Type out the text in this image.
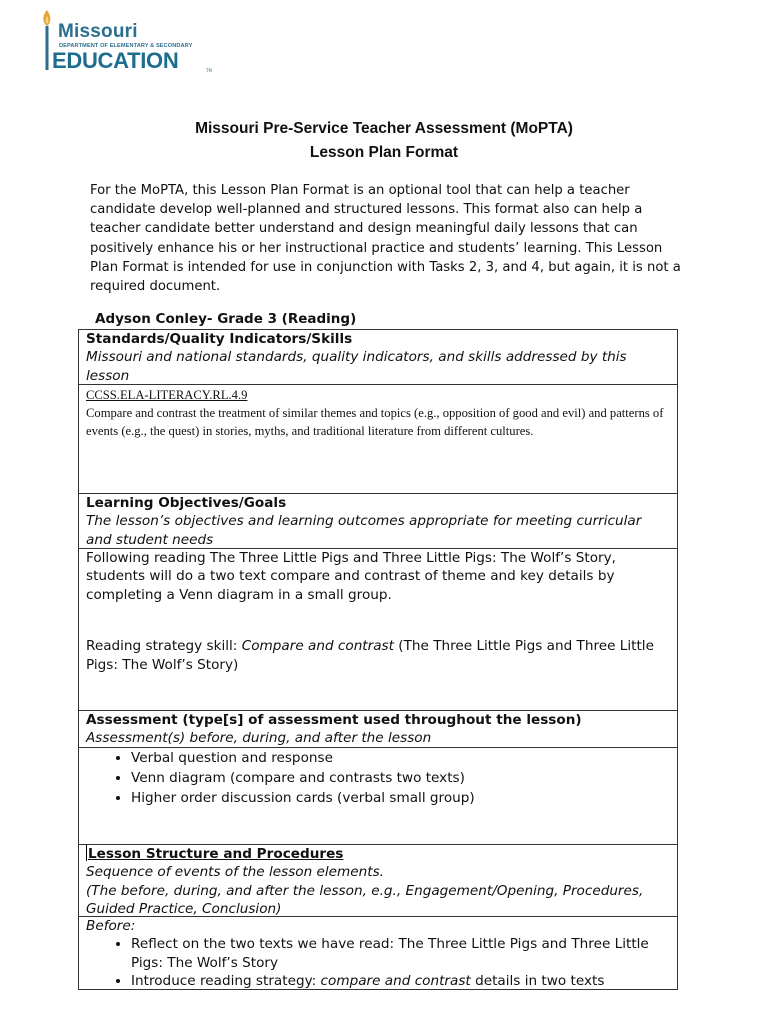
Missouri
DEPARTMENT OF ELEMENTARY & SECONDARY
EDUCATION	TM
Missouri Pre-Service Teacher Assessment (MoPTA)
Lesson Plan Format
For the MoPTA, this Lesson Plan Format is an optional tool that can help a teacher candidate develop well-planned and structured lessons. This format also can help a teacher candidate better understand and design meaningful daily lessons that can positively enhance his or her instructional practice and students’ learning. This Lesson Plan Format is intended for use in conjunction with Tasks 2, 3, and 4, but again, it is not a required document.
Adyson Conley- Grade 3 (Reading)
Standards/Quality Indicators/Skills
Missouri and national standards, quality indicators, and skills addressed by this lesson
CCSS.ELA-LITERACY.RL.4.9
Compare and contrast the treatment of similar themes and topics (e.g., opposition of good and evil) and patterns of events (e.g., the quest) in stories, myths, and traditional literature from different cultures.
Learning Objectives/Goals
The lesson’s objectives and learning outcomes appropriate for meeting curricular and student needs
Following reading The Three Little Pigs and Three Little Pigs: The Wolf’s Story, students will do a two text compare and contrast of theme and key details by completing a Venn diagram in a small group.
Reading strategy skill: Compare and contrast (The Three Little Pigs and Three Little Pigs: The Wolf’s Story)
Assessment (type[s] of assessment used throughout the lesson)
Assessment(s) before, during, and after the lesson
• Verbal question and response
• Venn diagram (compare and contrasts two texts)
• Higher order discussion cards (verbal small group)
Lesson Structure and Procedures
Sequence of events of the lesson elements.
(The before, during, and after the lesson, e.g., Engagement/Opening, Procedures, Guided Practice, Conclusion)
Before:
• Reflect on the two texts we have read: The Three Little Pigs and Three Little Pigs: The Wolf’s Story
• Introduce reading strategy: compare and contrast details in two texts
